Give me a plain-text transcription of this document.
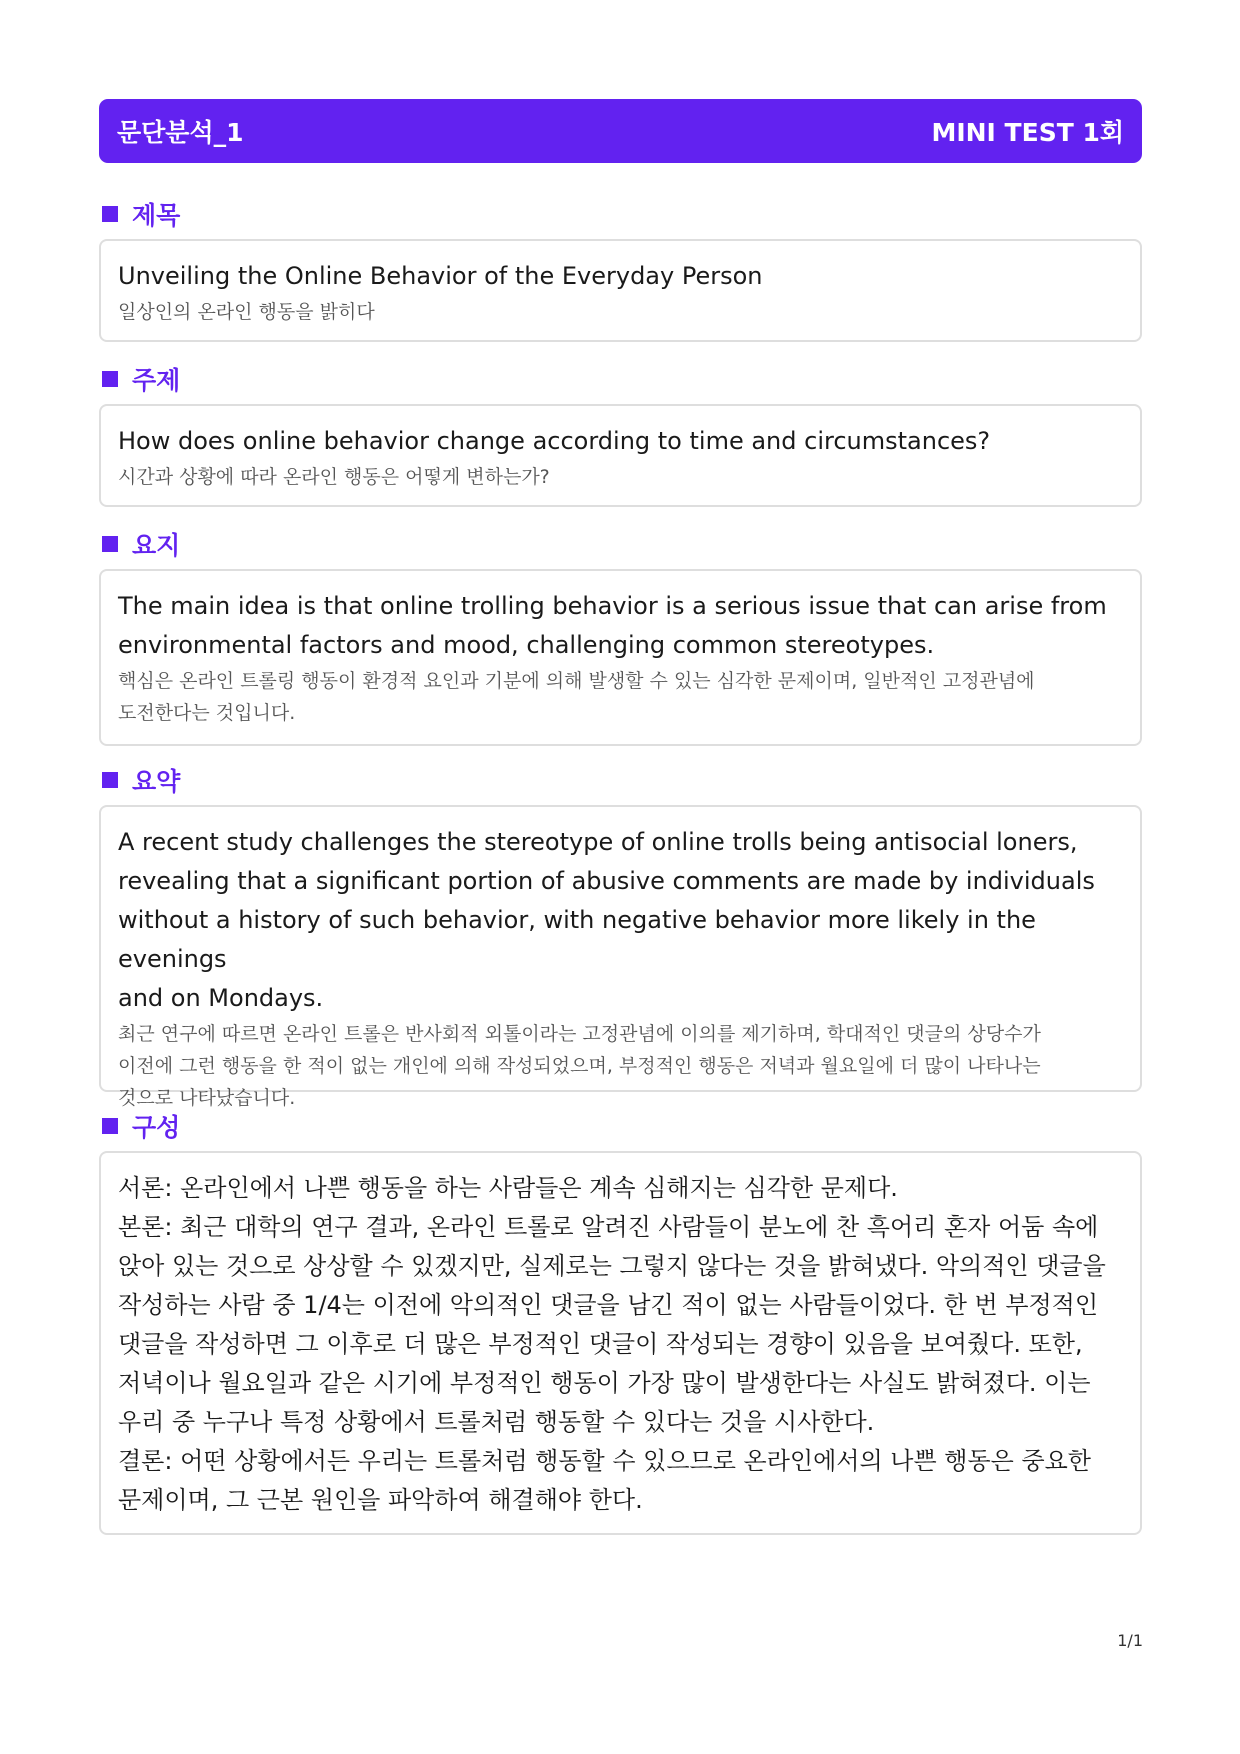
문단분석_1	MINI TEST 1회
제목

Unveiling the Online Behavior of the Everyday Person

일상인의 온라인 행동을 밝히다

주제

How does online behavior change according to time and circumstances?

시간과 상황에 따라 온라인 행동은 어떻게 변하는가?

요지

The main idea is that online trolling behavior is a serious issue that can arise from

environmental factors and mood, challenging common stereotypes.

핵심은 온라인 트롤링 행동이 환경적 요인과 기분에 의해 발생할 수 있는 심각한 문제이며, 일반적인 고정관념에

도전한다는 것입니다.

요약

A recent study challenges the stereotype of online trolls being antisocial loners,

revealing that a significant portion of abusive comments are made by individuals

without a history of such behavior, with negative behavior more likely in the evenings

and on Mondays.

최근 연구에 따르면 온라인 트롤은 반사회적 외톨이라는 고정관념에 이의를 제기하며, 학대적인 댓글의 상당수가

이전에 그런 행동을 한 적이 없는 개인에 의해 작성되었으며, 부정적인 행동은 저녁과 월요일에 더 많이 나타나는

것으로 나타났습니다.

구성

서론: 온라인에서 나쁜 행동을 하는 사람들은 계속 심해지는 심각한 문제다.

본론: 최근 대학의 연구 결과, 온라인 트롤로 알려진 사람들이 분노에 찬 흑어리 혼자 어둠 속에

앉아 있는 것으로 상상할 수 있겠지만, 실제로는 그렇지 않다는 것을 밝혀냈다. 악의적인 댓글을

작성하는 사람 중 1/4는 이전에 악의적인 댓글을 남긴 적이 없는 사람들이었다. 한 번 부정적인

댓글을 작성하면 그 이후로 더 많은 부정적인 댓글이 작성되는 경향이 있음을 보여줬다. 또한,

저녁이나 월요일과 같은 시기에 부정적인 행동이 가장 많이 발생한다는 사실도 밝혀졌다. 이는

우리 중 누구나 특정 상황에서 트롤처럼 행동할 수 있다는 것을 시사한다.

결론: 어떤 상황에서든 우리는 트롤처럼 행동할 수 있으므로 온라인에서의 나쁜 행동은 중요한

문제이며, 그 근본 원인을 파악하여 해결해야 한다.

1/1
